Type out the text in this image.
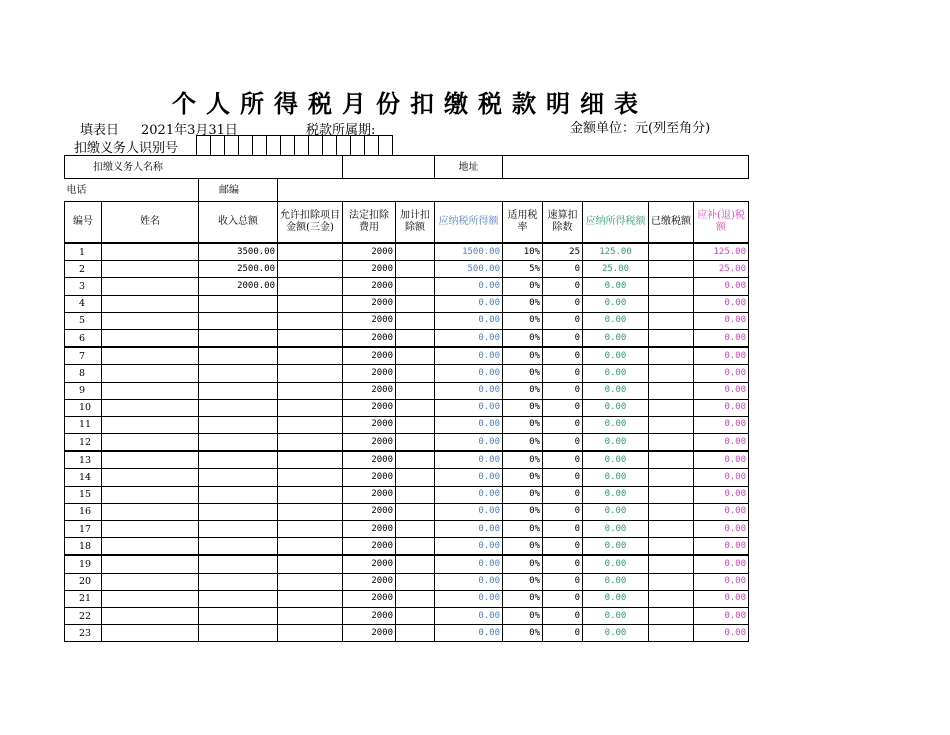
个人所得税月份扣缴税款明细表
填表日 2021年3月31日	税款所属期:	金额单位：元(列至角分)
扣缴义务人识别号
扣缴义务人名称						地址					
电话		邮编									
编号	姓名	收入总额	允许扣除项目金额(三金)	法定扣除费用	加计扣除额	应纳税所得额	适用税率	速算扣除数	应纳所得税额	已缴税额	应补(退)税额
1		3500.00		2000		1500.00	10%	25	125.00		125.00
2		2500.00		2000		500.00	5%	0	25.00		25.00
3		2000.00		2000		0.00	0%	0	0.00		0.00
4				2000		0.00	0%	0	0.00		0.00
5				2000		0.00	0%	0	0.00		0.00
6				2000		0.00	0%	0	0.00		0.00
7				2000		0.00	0%	0	0.00		0.00
8				2000		0.00	0%	0	0.00		0.00
9				2000		0.00	0%	0	0.00		0.00
10				2000		0.00	0%	0	0.00		0.00
11				2000		0.00	0%	0	0.00		0.00
12				2000		0.00	0%	0	0.00		0.00
13				2000		0.00	0%	0	0.00		0.00
14				2000		0.00	0%	0	0.00		0.00
15				2000		0.00	0%	0	0.00		0.00
16				2000		0.00	0%	0	0.00		0.00
17				2000		0.00	0%	0	0.00		0.00
18				2000		0.00	0%	0	0.00		0.00
19				2000		0.00	0%	0	0.00		0.00
20				2000		0.00	0%	0	0.00		0.00
21				2000		0.00	0%	0	0.00		0.00
22				2000		0.00	0%	0	0.00		0.00
23				2000		0.00	0%	0	0.00		0.00
